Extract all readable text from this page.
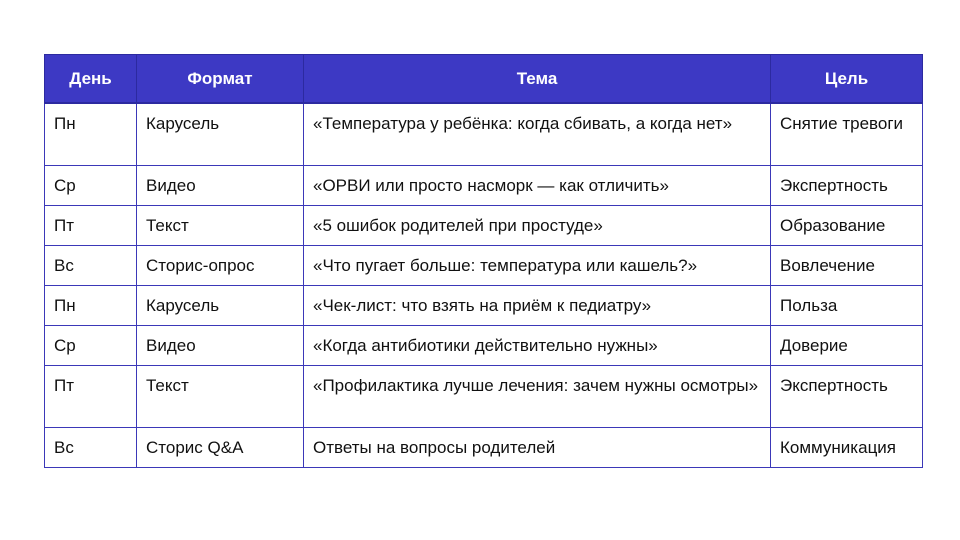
День	Формат	Тема	Цель
Пн	Карусель	«Температура у ребёнка: когда сбивать, а когда нет»	Снятие тревоги
Ср	Видео	«ОРВИ или просто насморк — как отличить»	Экспертность
Пт	Текст	«5 ошибок родителей при простуде»	Образование
Вс	Сторис-опрос	«Что пугает больше: температура или кашель?»	Вовлечение
Пн	Карусель	«Чек-лист: что взять на приём к педиатру»	Польза
Ср	Видео	«Когда антибиотики действительно нужны»	Доверие
Пт	Текст	«Профилактика лучше лечения: зачем нужны осмотры»	Экспертность
Вс	Сторис Q&A	Ответы на вопросы родителей	Коммуникация
